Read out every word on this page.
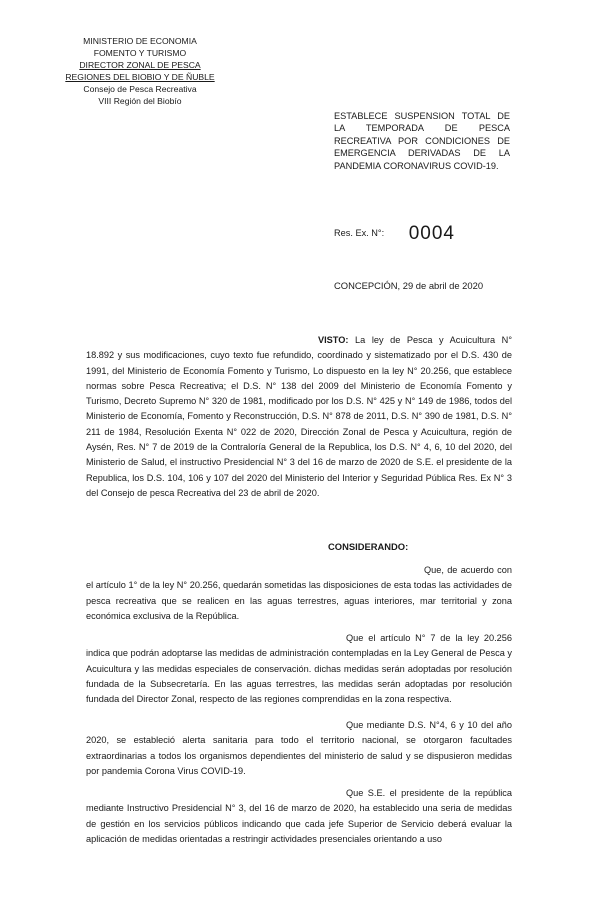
MINISTERIO DE ECONOMIA
FOMENTO Y TURISMO
DIRECTOR ZONAL DE PESCA
REGIONES DEL BIOBIO Y DE ÑUBLE
Consejo de Pesca Recreativa
VIII Región del Biobío
ESTABLECE SUSPENSION TOTAL DE LA TEMPORADA DE PESCA RECREATIVA POR CONDICIONES DE EMERGENCIA DERIVADAS DE LA PANDEMIA CORONAVIRUS COVID-19.
Res. Ex. N°: 0004
CONCEPCIÓN, 29 de abril de 2020
VISTO: La ley de Pesca y Acuicultura N° 18.892 y sus modificaciones, cuyo texto fue refundido, coordinado y sistematizado por el D.S. 430 de 1991, del Ministerio de Economía Fomento y Turismo, Lo dispuesto en la ley N° 20.256, que establece normas sobre Pesca Recreativa; el D.S. N° 138 del 2009 del Ministerio de Economía Fomento y Turismo, Decreto Supremo N° 320 de 1981, modificado por los D.S. N° 425 y N° 149 de 1986, todos del Ministerio de Economía, Fomento y Reconstrucción, D.S. N° 878 de 2011, D.S. N° 390 de 1981, D.S. N° 211 de 1984, Resolución Exenta N° 022 de 2020, Dirección Zonal de Pesca y Acuicultura, región de Aysén, Res. N° 7 de 2019 de la Contraloría General de la Republica, los D.S. N° 4, 6, 10 del 2020, del Ministerio de Salud, el instructivo Presidencial N° 3 del 16 de marzo de 2020 de S.E. el presidente de la Republica, los D.S. 104, 106 y 107 del 2020 del Ministerio del Interior y Seguridad Pública Res. Ex N° 3 del Consejo de pesca Recreativa del 23 de abril de 2020.
CONSIDERANDO:
Que, de acuerdo con el artículo 1° de la ley N° 20.256, quedarán sometidas las disposiciones de esta todas las actividades de pesca recreativa que se realicen en las aguas terrestres, aguas interiores, mar territorial y zona económica exclusiva de la República.
Que el artículo N° 7 de la ley 20.256 indica que podrán adoptarse las medidas de administración contempladas en la Ley General de Pesca y Acuicultura y las medidas especiales de conservación. dichas medidas serán adoptadas por resolución fundada de la Subsecretaría. En las aguas terrestres, las medidas serán adoptadas por resolución fundada del Director Zonal, respecto de las regiones comprendidas en la zona respectiva.
Que mediante D.S. N°4, 6 y 10 del año 2020, se estableció alerta sanitaria para todo el territorio nacional, se otorgaron facultades extraordinarias a todos los organismos dependientes del ministerio de salud y se dispusieron medidas por pandemia Corona Virus COVID-19.
Que S.E. el presidente de la república mediante Instructivo Presidencial N° 3, del 16 de marzo de 2020, ha establecido una seria de medidas de gestión en los servicios públicos indicando que cada jefe Superior de Servicio deberá evaluar la aplicación de medidas orientadas a restringir actividades presenciales orientando a uso
